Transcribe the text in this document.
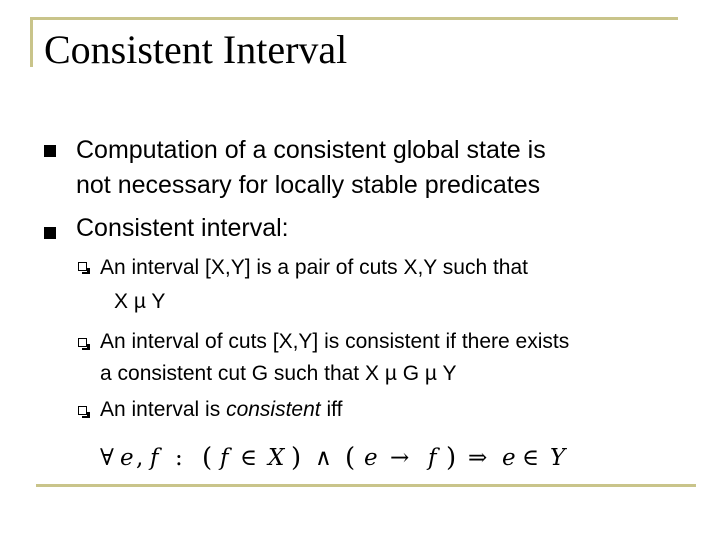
Consistent Interval
Computation of a consistent global state is
not necessary for locally stable predicates
Consistent interval:
An interval [X,Y] is a pair of cuts X,Y such that
X µ Y
An interval of cuts [X,Y] is consistent if there exists
a consistent cut G such that X µ G µ Y
An interval is consistent iff
∀ e , f : ( f ∈ X ) ∧ ( e → f ) ⇒ e ∈ Y
